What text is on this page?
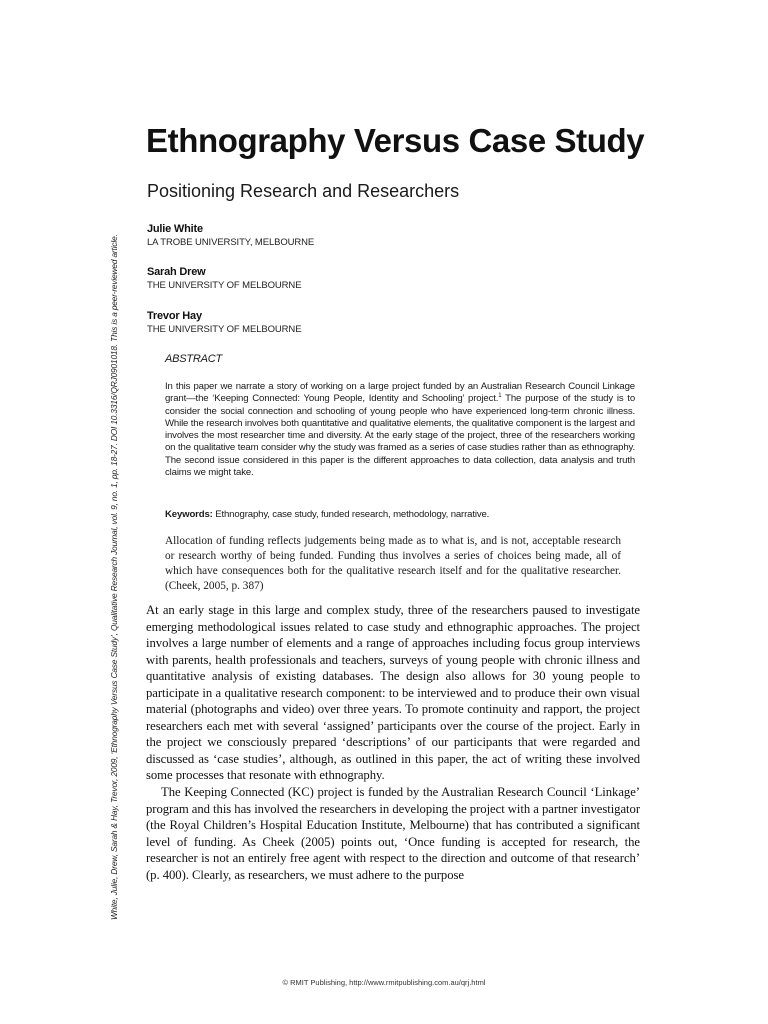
White, Julie, Drew, Sarah & Hay, Trevor, 2009, ‘Ethnography Versus Case Study’, Qualitative Research Journal, vol. 9, no. 1, pp. 18-27. DOI 10.3316/QRJ0901018. This is a peer-reviewed article.
Ethnography Versus Case Study
Positioning Research and Researchers
Julie White
LA TROBE UNIVERSITY, MELBOURNE
Sarah Drew
THE UNIVERSITY OF MELBOURNE
Trevor Hay
THE UNIVERSITY OF MELBOURNE
ABSTRACT
In this paper we narrate a story of working on a large project funded by an Australian Research Council Linkage grant—the ‘Keeping Connected: Young People, Identity and Schooling’ project.$^1$ The purpose of the study is to consider the social connection and schooling of young people who have experienced long-term chronic illness. While the research involves both quantitative and qualitative elements, the qualitative component is the largest and involves the most researcher time and diversity. At the early stage of the project, three of the researchers working on the qualitative team consider why the study was framed as a series of case studies rather than as ethnography. The second issue considered in this paper is the different approaches to data collection, data analysis and truth claims we might take.
Keywords: Ethnography, case study, funded research, methodology, narrative.
Allocation of funding reflects judgements being made as to what is, and is not, acceptable research or research worthy of being funded. Funding thus involves a series of choices being made, all of which have consequences both for the qualitative research itself and for the qualitative researcher. (Cheek, 2005, p. 387)

At an early stage in this large and complex study, three of the researchers paused to investigate emerging methodological issues related to case study and ethnographic approaches. The project involves a large number of elements and a range of approaches including focus group interviews with parents, health professionals and teachers, surveys of young people with chronic illness and quantitative analysis of existing databases. The design also allows for 30 young people to participate in a qualitative research component: to be interviewed and to produce their own visual material (photographs and video) over three years. To promote continuity and rapport, the project researchers each met with several ‘assigned’ participants over the course of the project. Early in the project we consciously prepared ‘descriptions’ of our participants that were regarded and discussed as ‘case studies’, although, as outlined in this paper, the act of writing these involved some processes that resonate with ethnography.

The Keeping Connected (KC) project is funded by the Australian Research Council ‘Linkage’ program and this has involved the researchers in developing the project with a partner investigator (the Royal Children’s Hospital Education Institute, Melbourne) that has contributed a significant level of funding. As Cheek (2005) points out, ‘Once funding is accepted for research, the researcher is not an entirely free agent with respect to the direction and outcome of that research’ (p. 400). Clearly, as researchers, we must adhere to the purpose

© RMIT Publishing, http://www.rmitpublishing.com.au/qrj.html
